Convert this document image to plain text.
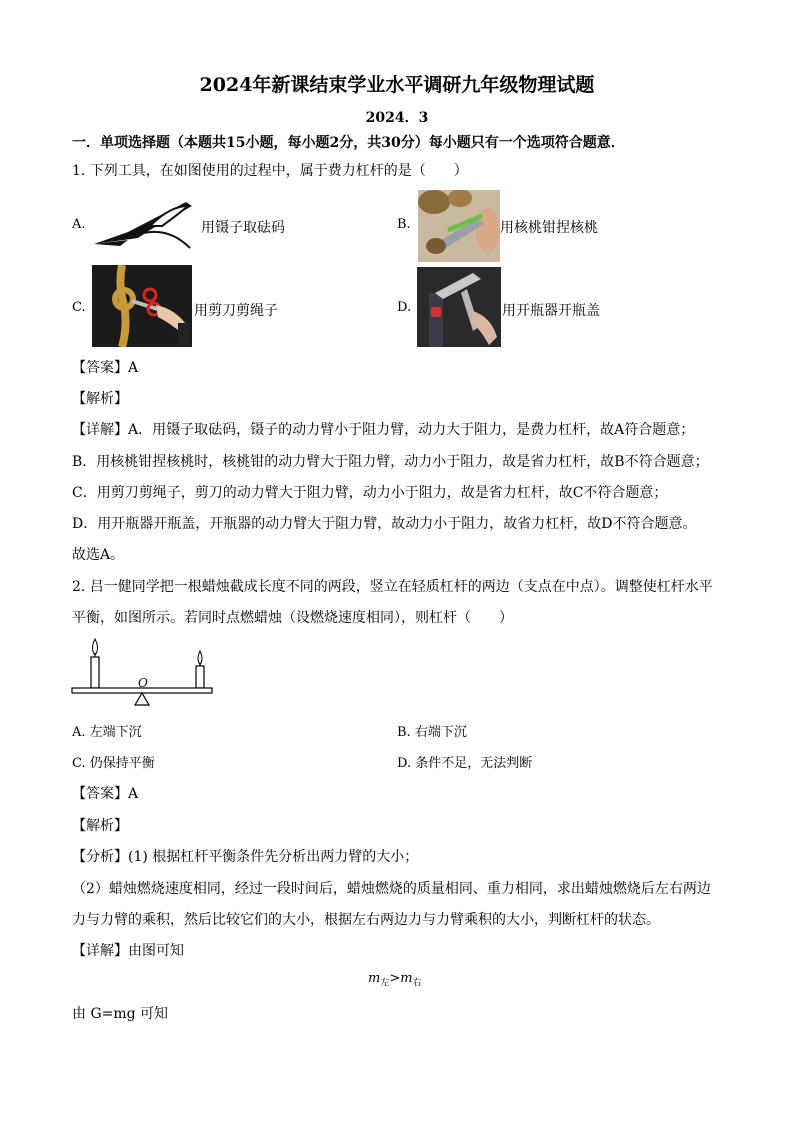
2024年新课结束学业水平调研九年级物理试题
2024．3
一．单项选择题（本题共15小题，每小题2分，共30分）每小题只有一个选项符合题意．
1. 下列工具，在如图使用的过程中，属于费力杠杆的是（　　）
A.	用镊子取砝码	B.	用核桃钳捏核桃
C.	用剪刀剪绳子	D.	用开瓶器开瓶盖
【答案】A
【解析】
【详解】A．用镊子取砝码，镊子的动力臂小于阻力臂，动力大于阻力，是费力杠杆，故A符合题意；
B．用核桃钳捏核桃时，核桃钳的动力臂大于阻力臂，动力小于阻力，故是省力杠杆，故B不符合题意；
C．用剪刀剪绳子，剪刀的动力臂大于阻力臂，动力小于阻力，故是省力杠杆，故C不符合题意；
D．用开瓶器开瓶盖，开瓶器的动力臂大于阻力臂，故动力小于阻力，故省力杠杆，故D不符合题意。
故选A。
2. 吕一健同学把一根蜡烛截成长度不同的两段，竖立在轻质杠杆的两边（支点在中点）。调整使杠杆水平
平衡，如图所示。若同时点燃蜡烛（设燃烧速度相同），则杠杆（　　）
O
A. 左端下沉	B. 右端下沉
C. 仍保持平衡	D. 条件不足，无法判断
【答案】A
【解析】
【分析】(1) 根据杠杆平衡条件先分析出两力臂的大小；
（2）蜡烛燃烧速度相同，经过一段时间后，蜡烛燃烧的质量相同、重力相同，求出蜡烛燃烧后左右两边
力与力臂的乘积，然后比较它们的大小，根据左右两边力与力臂乘积的大小，判断杠杆的状态。
【详解】由图可知
$m_左>m_右$
由 G=mg 可知
